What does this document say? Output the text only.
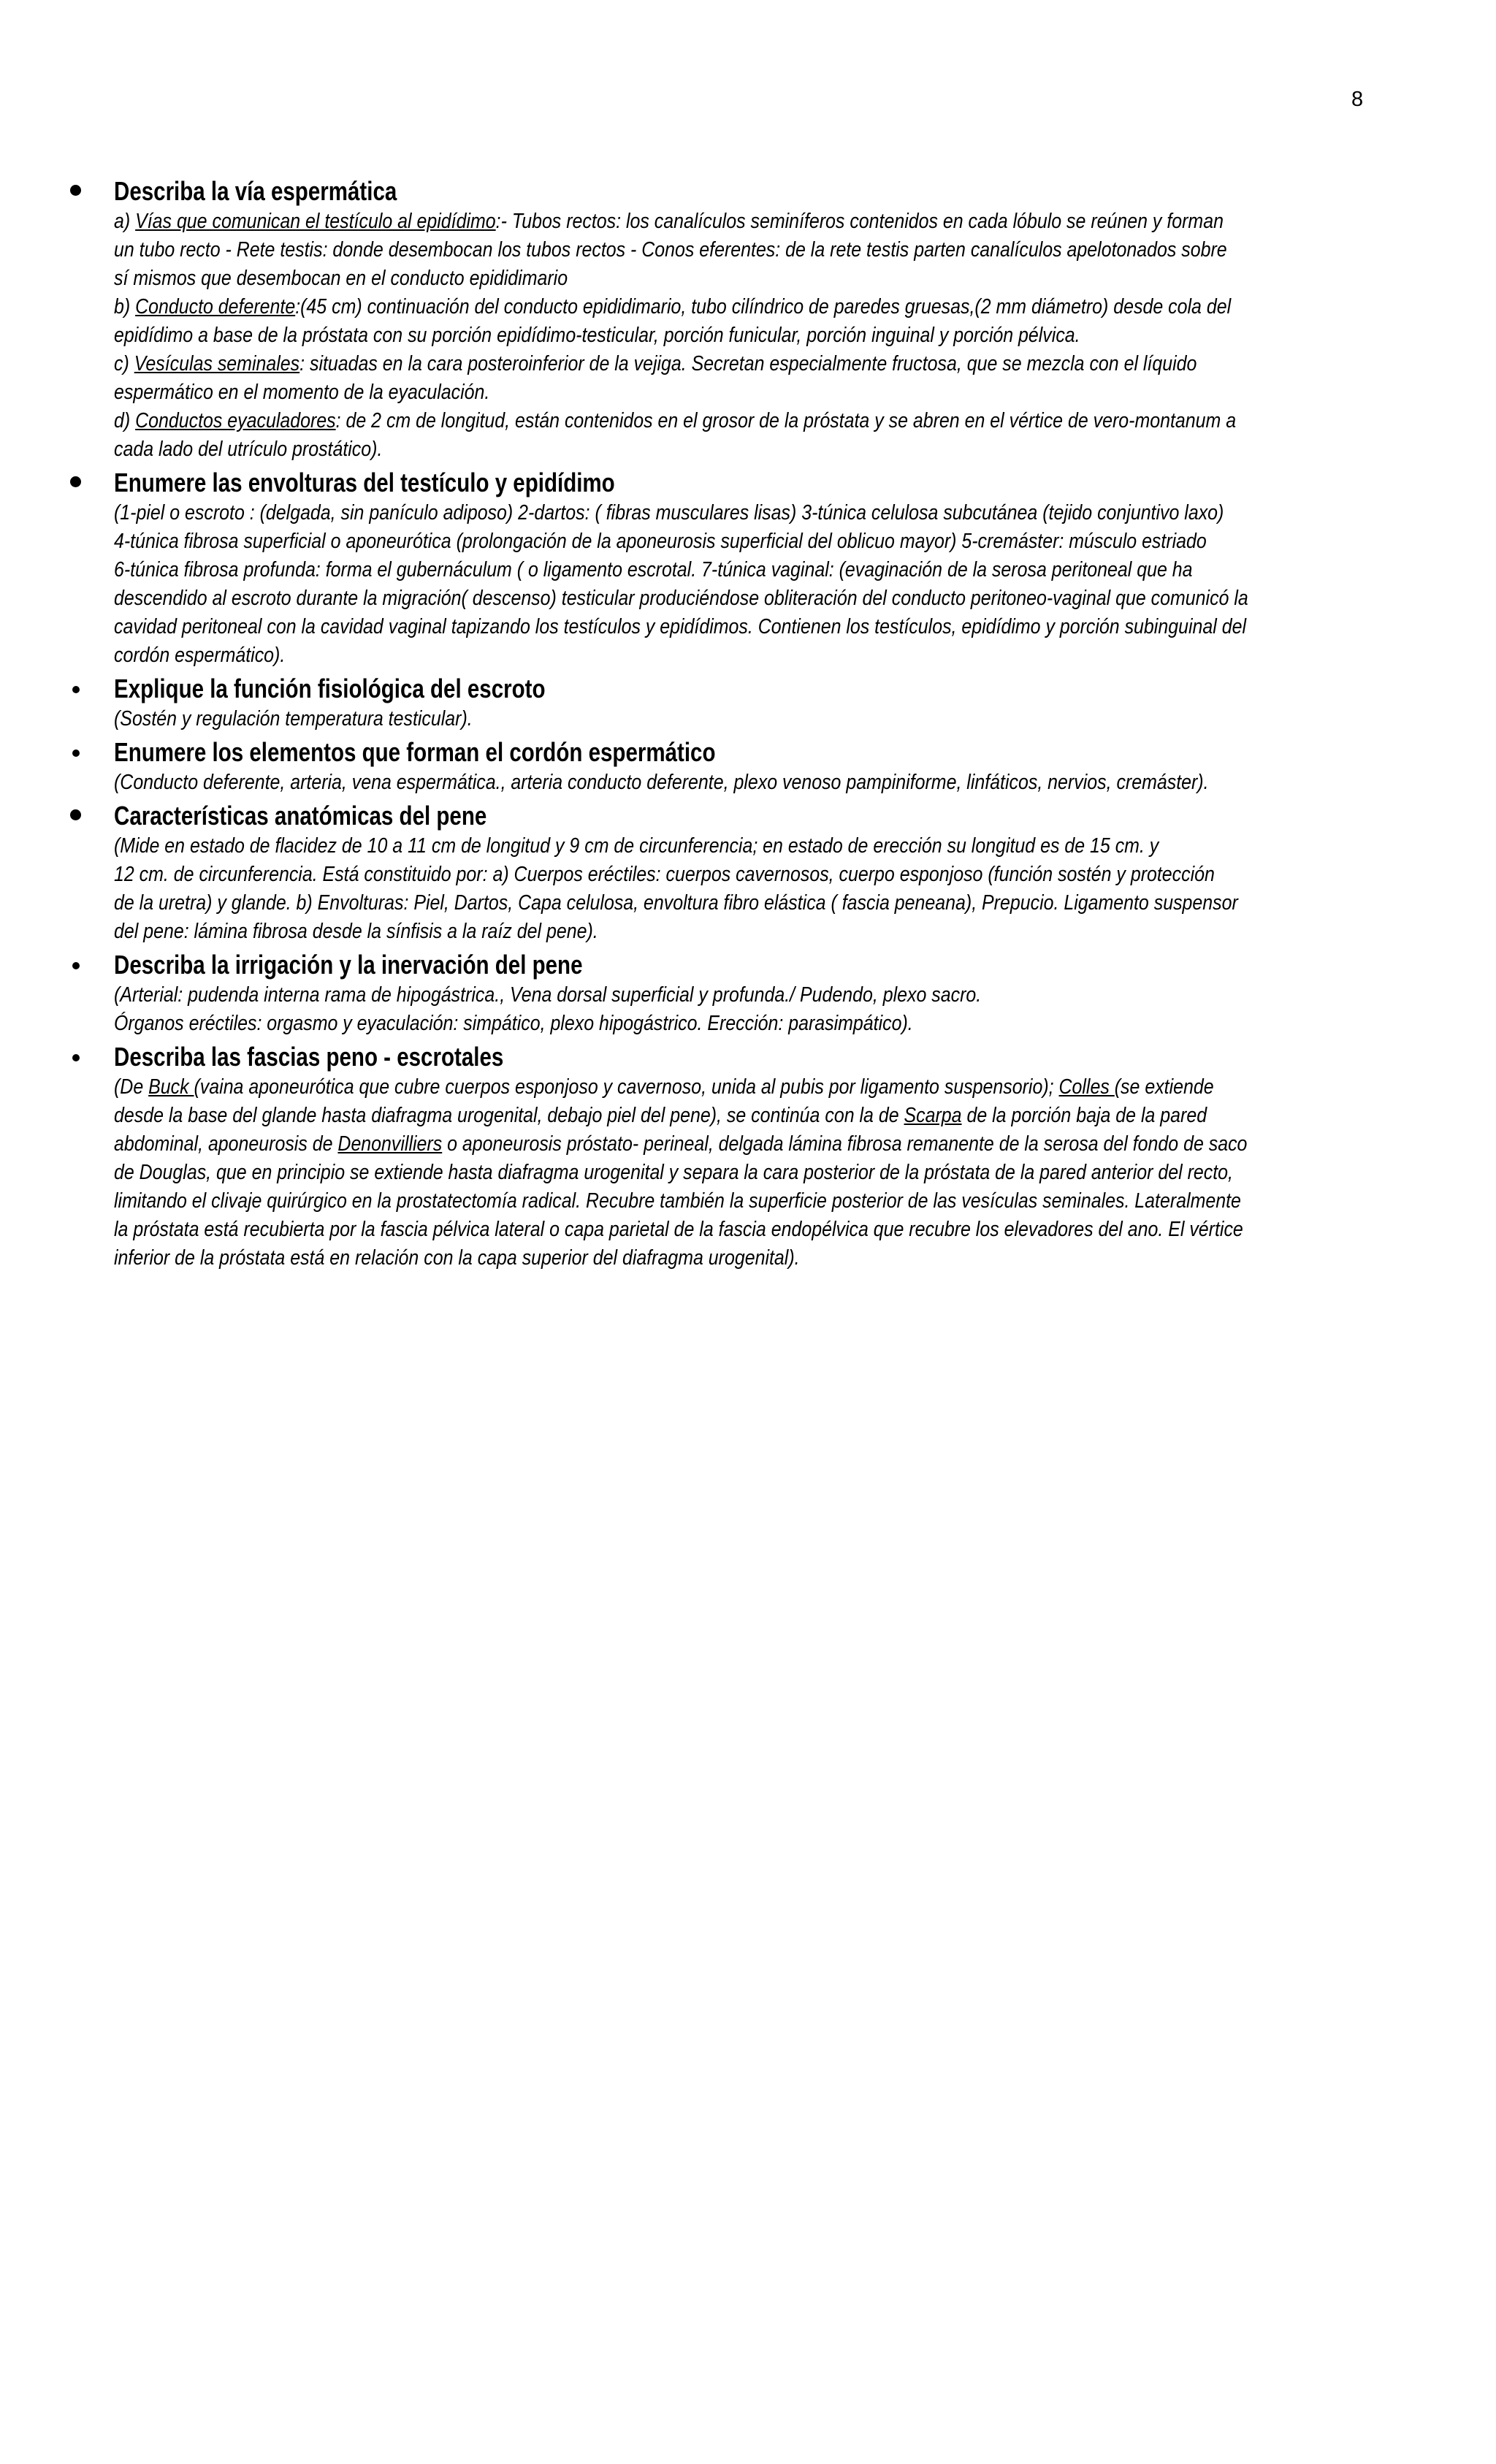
8
Describa la vía espermática
a) Vías que comunican el testículo al epidídimo:- Tubos rectos: los canalículos seminíferos contenidos en cada lóbulo se reúnen y forman
un tubo recto - Rete testis: donde desembocan los tubos rectos - Conos eferentes: de la rete testis parten canalículos apelotonados sobre
sí mismos que desembocan en el conducto epididimario
b) Conducto deferente:(45 cm) continuación del conducto epididimario, tubo cilíndrico de paredes gruesas,(2 mm diámetro) desde cola del
epidídimo a base de la próstata con su porción epidídimo-testicular, porción funicular, porción inguinal y porción pélvica.
c) Vesículas seminales: situadas en la cara posteroinferior de la vejiga. Secretan especialmente fructosa, que se mezcla con el líquido
espermático en el momento de la eyaculación.
d) Conductos eyaculadores: de 2 cm de longitud, están contenidos en el grosor de la próstata y se abren en el vértice de vero-montanum a
cada lado del utrículo prostático).
Enumere las envolturas del testículo y epidídimo
(1-piel o escroto : (delgada, sin panículo adiposo) 2-dartos: ( fibras musculares lisas) 3-túnica celulosa subcutánea (tejido conjuntivo laxo)
4-túnica fibrosa superficial o aponeurótica (prolongación de la aponeurosis superficial del oblicuo mayor) 5-cremáster: músculo estriado
6-túnica fibrosa profunda: forma el gubernáculum ( o ligamento escrotal. 7-túnica vaginal: (evaginación de la serosa peritoneal que ha
descendido al escroto durante la migración( descenso) testicular produciéndose obliteración del conducto peritoneo-vaginal que comunicó la
cavidad peritoneal con la cavidad vaginal tapizando los testículos y epidídimos. Contienen los testículos, epidídimo y porción subinguinal del
cordón espermático).
Explique la función fisiológica del escroto
(Sostén y regulación temperatura testicular).
Enumere los elementos que forman el cordón espermático
(Conducto deferente, arteria, vena espermática., arteria conducto deferente, plexo venoso pampiniforme, linfáticos, nervios, cremáster).
Características anatómicas del pene
(Mide en estado de flacidez de 10 a 11 cm de longitud y 9 cm de circunferencia; en estado de erección su longitud es de 15 cm. y
12 cm. de circunferencia. Está constituido por: a) Cuerpos eréctiles: cuerpos cavernosos, cuerpo esponjoso (función sostén y protección
de la uretra) y glande. b) Envolturas: Piel, Dartos, Capa celulosa, envoltura fibro elástica ( fascia peneana), Prepucio. Ligamento suspensor
del pene: lámina fibrosa desde la sínfisis a la raíz del pene).
Describa la irrigación y la inervación del pene
(Arterial: pudenda interna rama de hipogástrica., Vena dorsal superficial y profunda./ Pudendo, plexo sacro.
Órganos eréctiles: orgasmo y eyaculación: simpático, plexo hipogástrico. Erección: parasimpático).
Describa las fascias peno - escrotales
(De Buck (vaina aponeurótica que cubre cuerpos esponjoso y cavernoso, unida al pubis por ligamento suspensorio); Colles (se extiende
desde la base del glande hasta diafragma urogenital, debajo piel del pene), se continúa con la de Scarpa de la porción baja de la pared
abdominal, aponeurosis de Denonvilliers o aponeurosis próstato- perineal, delgada lámina fibrosa remanente de la serosa del fondo de saco
de Douglas, que en principio se extiende hasta diafragma urogenital y separa la cara posterior de la próstata de la pared anterior del recto,
limitando el clivaje quirúrgico en la prostatectomía radical. Recubre también la superficie posterior de las vesículas seminales. Lateralmente
la próstata está recubierta por la fascia pélvica lateral o capa parietal de la fascia endopélvica que recubre los elevadores del ano. El vértice
inferior de la próstata está en relación con la capa superior del diafragma urogenital).
